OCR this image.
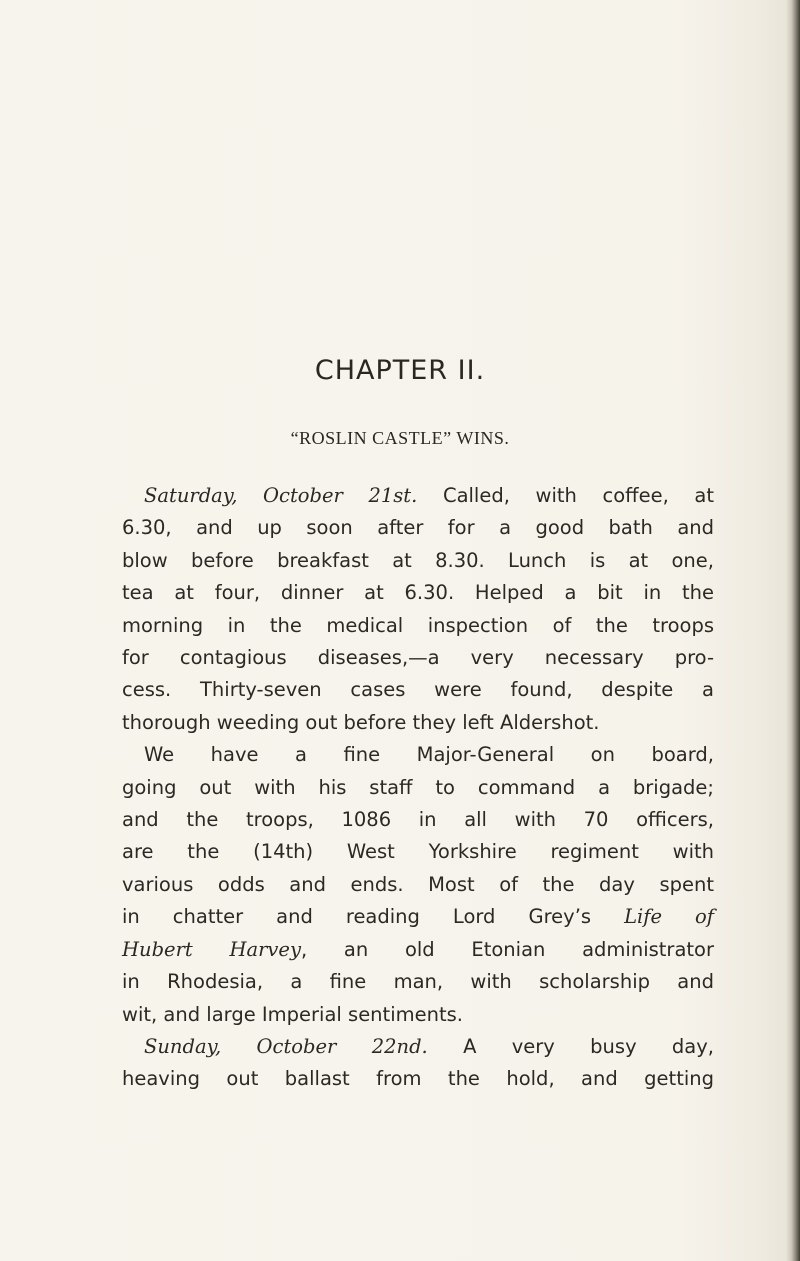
CHAPTER II.
“ROSLIN CASTLE” WINS.
Saturday, October 21st. Called, with coffee, at
6.30, and up soon after for a good bath and
blow before breakfast at 8.30. Lunch is at one,
tea at four, dinner at 6.30. Helped a bit in the
morning in the medical inspection of the troops
for contagious diseases,—a very necessary pro-
cess. Thirty-seven cases were found, despite a
thorough weeding out before they left Aldershot.
We have a fine Major-General on board,
going out with his staff to command a brigade;
and the troops, 1086 in all with 70 officers,
are the (14th) West Yorkshire regiment with
various odds and ends. Most of the day spent
in chatter and reading Lord Grey’s Life of
Hubert Harvey, an old Etonian administrator
in Rhodesia, a fine man, with scholarship and
wit, and large Imperial sentiments.
Sunday, October 22nd. A very busy day,
heaving out ballast from the hold, and getting
